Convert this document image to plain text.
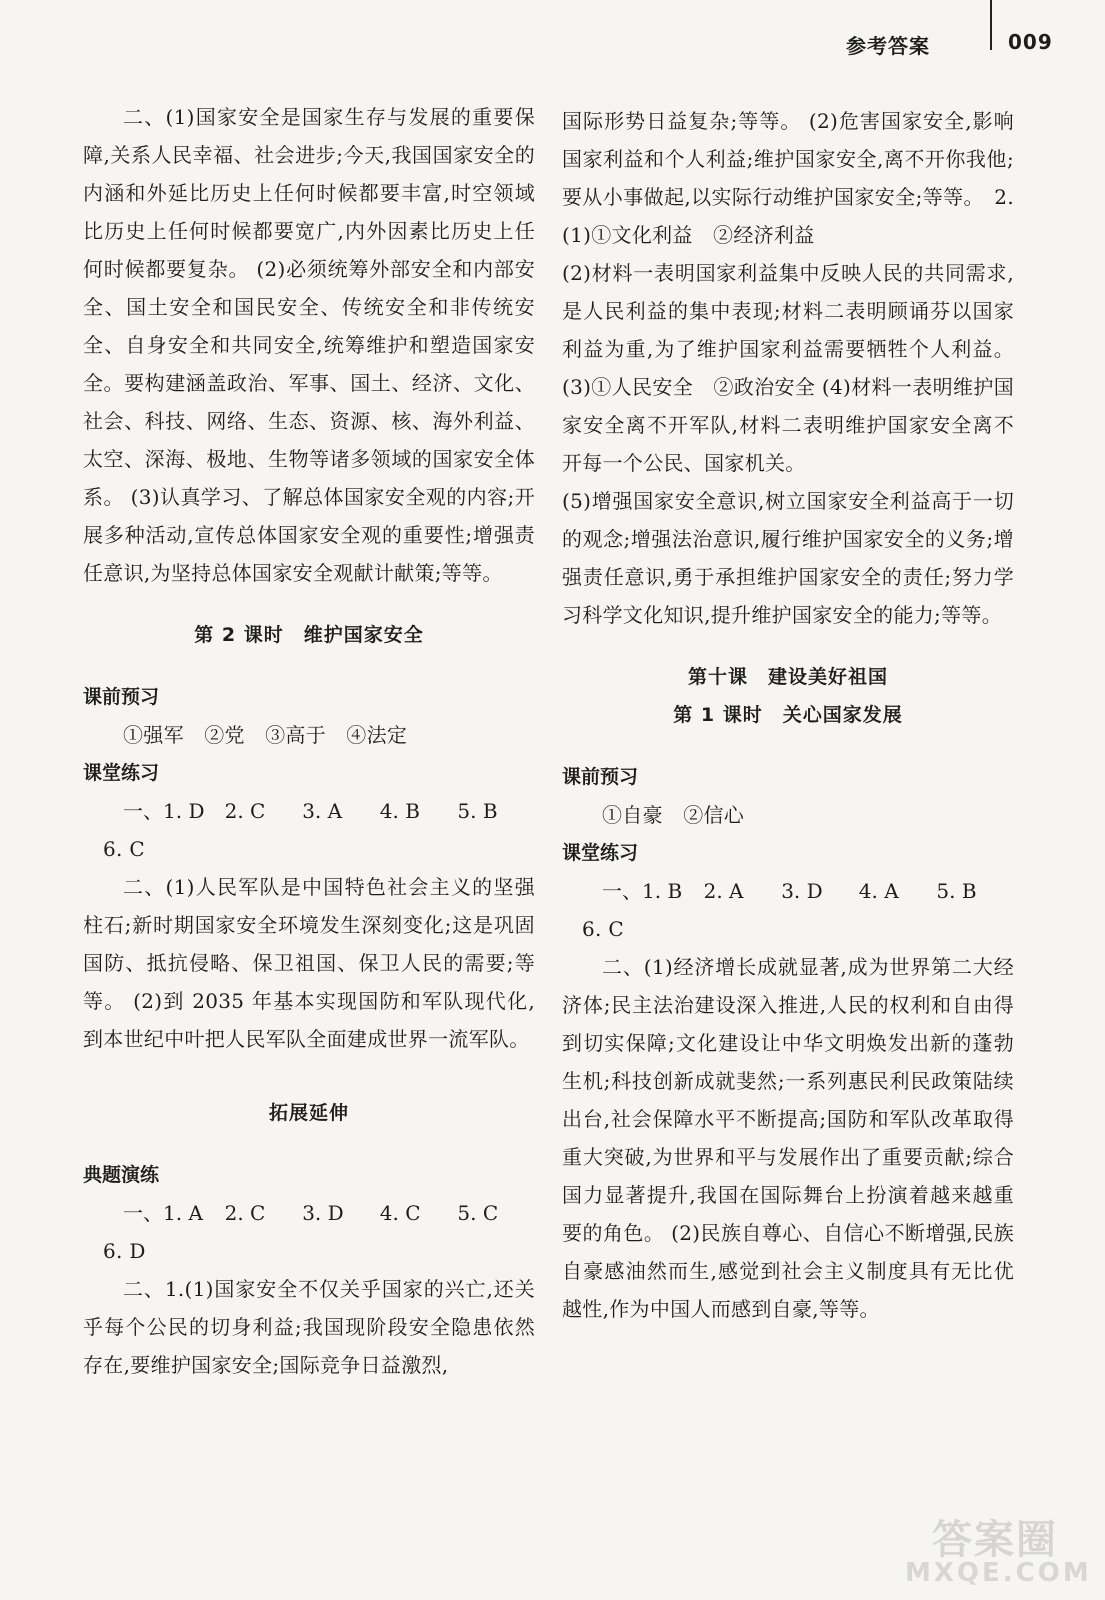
参考答案	009

二、(1)国家安全是国家生存与发展的重要保障,关系人民幸福、社会进步;今天,我国国家安全的内涵和外延比历史上任何时候都要丰富,时空领域比历史上任何时候都要宽广,内外因素比历史上任何时候都要复杂。 (2)必须统筹外部安全和内部安全、国土安全和国民安全、传统安全和非传统安全、自身安全和共同安全,统筹维护和塑造国家安全。要构建涵盖政治、军事、国土、经济、文化、社会、科技、网络、生态、资源、核、海外利益、太空、深海、极地、生物等诸多领域的国家安全体系。 (3)认真学习、了解总体国家安全观的内容;开展多种活动,宣传总体国家安全观的重要性;增强责任意识,为坚持总体国家安全观献计献策;等等。

第 2 课时　维护国家安全

课前预习

①强军　②党　③高于　④法定

课堂练习

一、1. D	2. C	3. A	4. B	5. B

6. C

二、(1)人民军队是中国特色社会主义的坚强柱石;新时期国家安全环境发生深刻变化;这是巩固国防、抵抗侵略、保卫祖国、保卫人民的需要;等等。 (2)到 2035 年基本实现国防和军队现代化,到本世纪中叶把人民军队全面建成世界一流军队。

拓展延伸

典题演练

一、1. A	2. C	3. D	4. C	5. C

6. D

二、1.(1)国家安全不仅关乎国家的兴亡,还关乎每个公民的切身利益;我国现阶段安全隐患依然存在,要维护国家安全;国际竞争日益激烈,

国际形势日益复杂;等等。 (2)危害国家安全,影响国家利益和个人利益;维护国家安全,离不开你我他;要从小事做起,以实际行动维护国家安全;等等。　2.(1)①文化利益　②经济利益

(2)材料一表明国家利益集中反映人民的共同需求,是人民利益的集中表现;材料二表明顾诵芬以国家利益为重,为了维护国家利益需要牺牲个人利益。 (3)①人民安全　②政治安全 (4)材料一表明维护国家安全离不开军队,材料二表明维护国家安全离不开每一个公民、国家机关。

(5)增强国家安全意识,树立国家安全利益高于一切的观念;增强法治意识,履行维护国家安全的义务;增强责任意识,勇于承担维护国家安全的责任;努力学习科学文化知识,提升维护国家安全的能力;等等。

第十课　建设美好祖国

第 1 课时　关心国家发展

课前预习

①自豪　②信心

课堂练习

一、1. B	2. A	3. D	4. A	5. B

6. C

二、(1)经济增长成就显著,成为世界第二大经济体;民主法治建设深入推进,人民的权利和自由得到切实保障;文化建设让中华文明焕发出新的蓬勃生机;科技创新成就斐然;一系列惠民利民政策陆续出台,社会保障水平不断提高;国防和军队改革取得重大突破,为世界和平与发展作出了重要贡献;综合国力显著提升,我国在国际舞台上扮演着越来越重要的角色。 (2)民族自尊心、自信心不断增强,民族自豪感油然而生,感觉到社会主义制度具有无比优越性,作为中国人而感到自豪,等等。

答案圈
MXQE.COM
